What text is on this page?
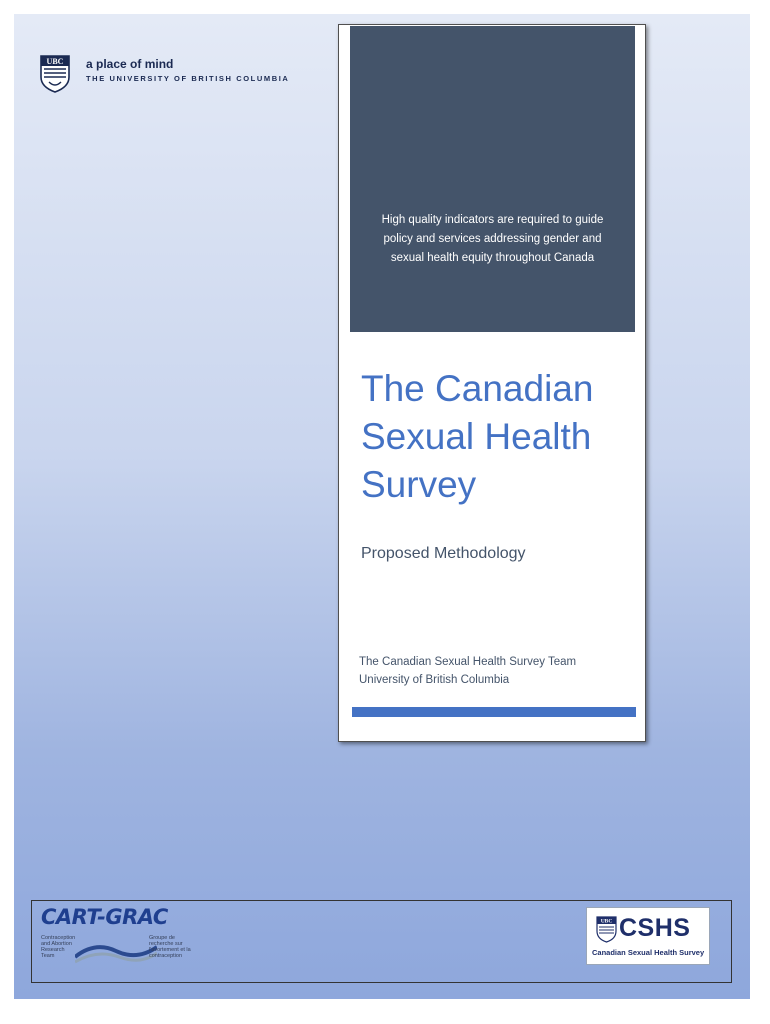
UBC a place of mind
THE UNIVERSITY OF BRITISH COLUMBIA
High quality indicators are required to guide policy and services addressing gender and sexual health equity throughout Canada
The Canadian
Sexual Health
Survey
Proposed Methodology
The Canadian Sexual Health Survey Team
University of British Columbia
CART-GRAC
Contraception
and Abortion
Research
Team
Groupe de
recherche sur
l'avortement et la
contraception
UBC CSHS
Canadian Sexual Health Survey
